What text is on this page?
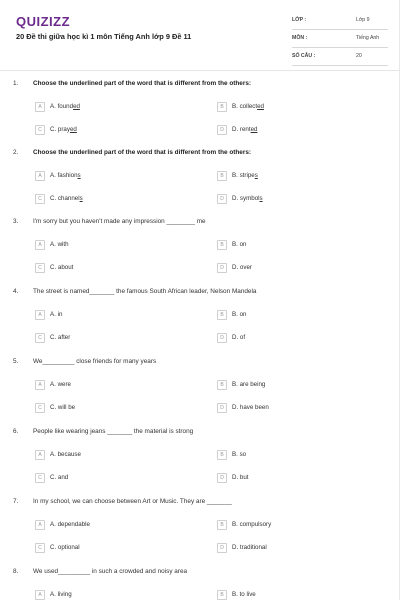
QUIZIZZ
20 Đề thi giữa học kì 1 môn Tiếng Anh lớp 9 Đề 11
LỚP :	Lớp 9
MÔN :	Tiếng Anh
SỐ CÂU :	20
1. Choose the underlined part of the word that is different from the others:
A	A. founded	B	B. collected
C	C. prayed	D	D. rented
2. Choose the underlined part of the word that is different from the others:
A	A. fashions	B	B. stripes
C	C. channels	D	D. symbols
3. I'm sorry but you haven't made any impression ________ me
A	A. with	B	B. on
C	C. about	D	D. over
4. The street is named_______ the famous South African leader, Nelson Mandela
A	A. in	B	B. on
C	C. after	D	D. of
5. We_________ close friends for many years
A	A. were	B	B. are being
C	C. will be	D	D. have been
6. People like wearing jeans _______ the material is strong
A	A. because	B	B. so
C	C. and	D	D. but
7. In my school, we can choose between Art or Music. They are _______
A	A. dependable	B	B. compulsory
C	C. optional	D	D. traditional
8. We used_________ in such a crowded and noisy area
A	A. living	B	B. to live
